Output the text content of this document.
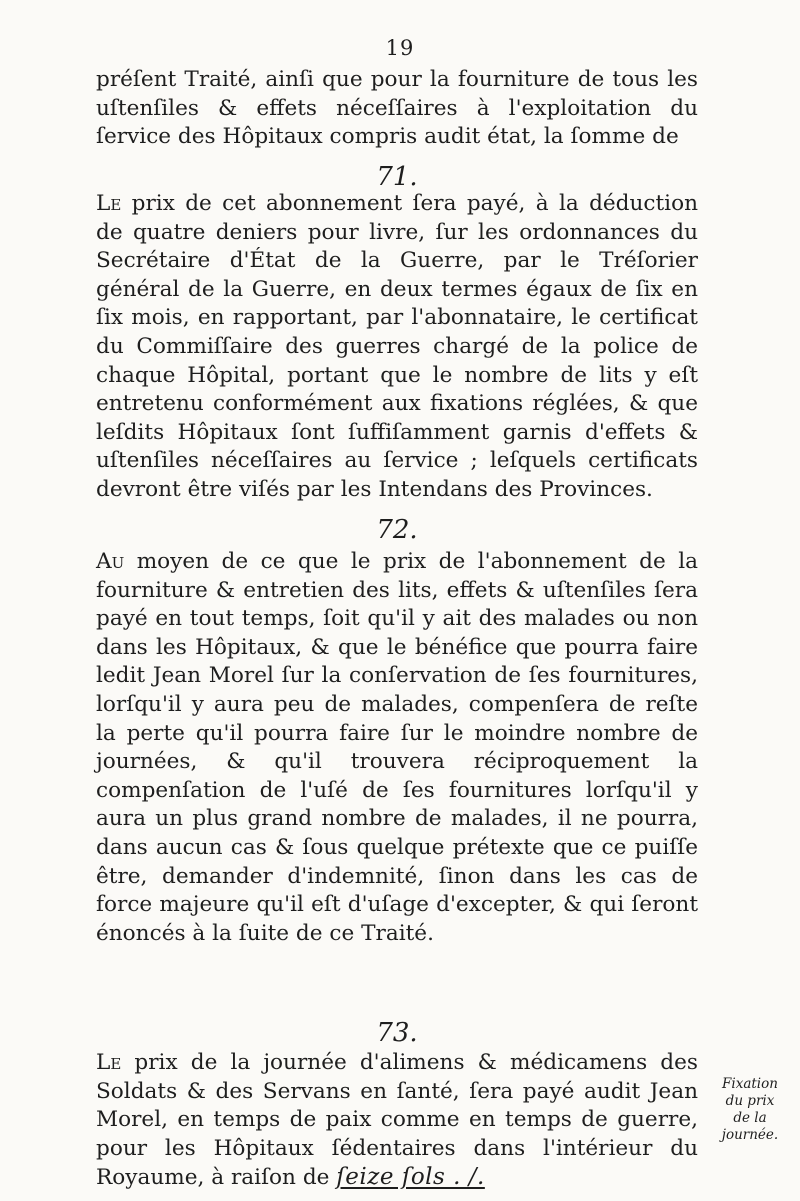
19

préſent Traité, ainſi que pour la fourniture de tous les uſtenſiles & effets néceſſaires à l'exploitation du ſervice des Hôpitaux compris audit état, la ſomme de

71.

Le prix de cet abonnement ſera payé, à la déduction de quatre deniers pour livre, ſur les ordonnances du Secrétaire d'État de la Guerre, par le Tréſorier général de la Guerre, en deux termes égaux de ſix en ſix mois, en rapportant, par l'abonnataire, le certificat du Commiſſaire des guerres chargé de la police de chaque Hôpital, portant que le nombre de lits y eſt entretenu conformément aux fixations réglées, & que leſdits Hôpitaux ſont ſuffiſamment garnis d'effets & uſtenſiles néceſſaires au ſervice ; leſquels certificats devront être viſés par les Intendans des Provinces.

72.

Au moyen de ce que le prix de l'abonnement de la fourniture & entretien des lits, effets & uſtenſiles ſera payé en tout temps, ſoit qu'il y ait des malades ou non dans les Hôpitaux, & que le bénéfice que pourra faire ledit Jean Morel ſur la conſervation de ſes fournitures, lorſqu'il y aura peu de malades, compenſera de reſte la perte qu'il pourra faire ſur le moindre nombre de journées, & qu'il trouvera réciproquement la compenſation de l'uſé de ſes fournitures lorſqu'il y aura un plus grand nombre de malades, il ne pourra, dans aucun cas & ſous quelque prétexte que ce puiſſe être, demander d'indemnité, ſinon dans les cas de force majeure qu'il eſt d'uſage d'excepter, & qui ſeront énoncés à la ſuite de ce Traité.

73.

Le prix de la journée d'alimens & médicamens des Soldats & des Servans en ſanté, ſera payé audit Jean Morel, en temps de paix comme en temps de guerre, pour les Hôpitaux ſédentaires dans l'intérieur du Royaume, à raiſon de ſeize ſols . /.

Fixation
du prix
de la journée.
